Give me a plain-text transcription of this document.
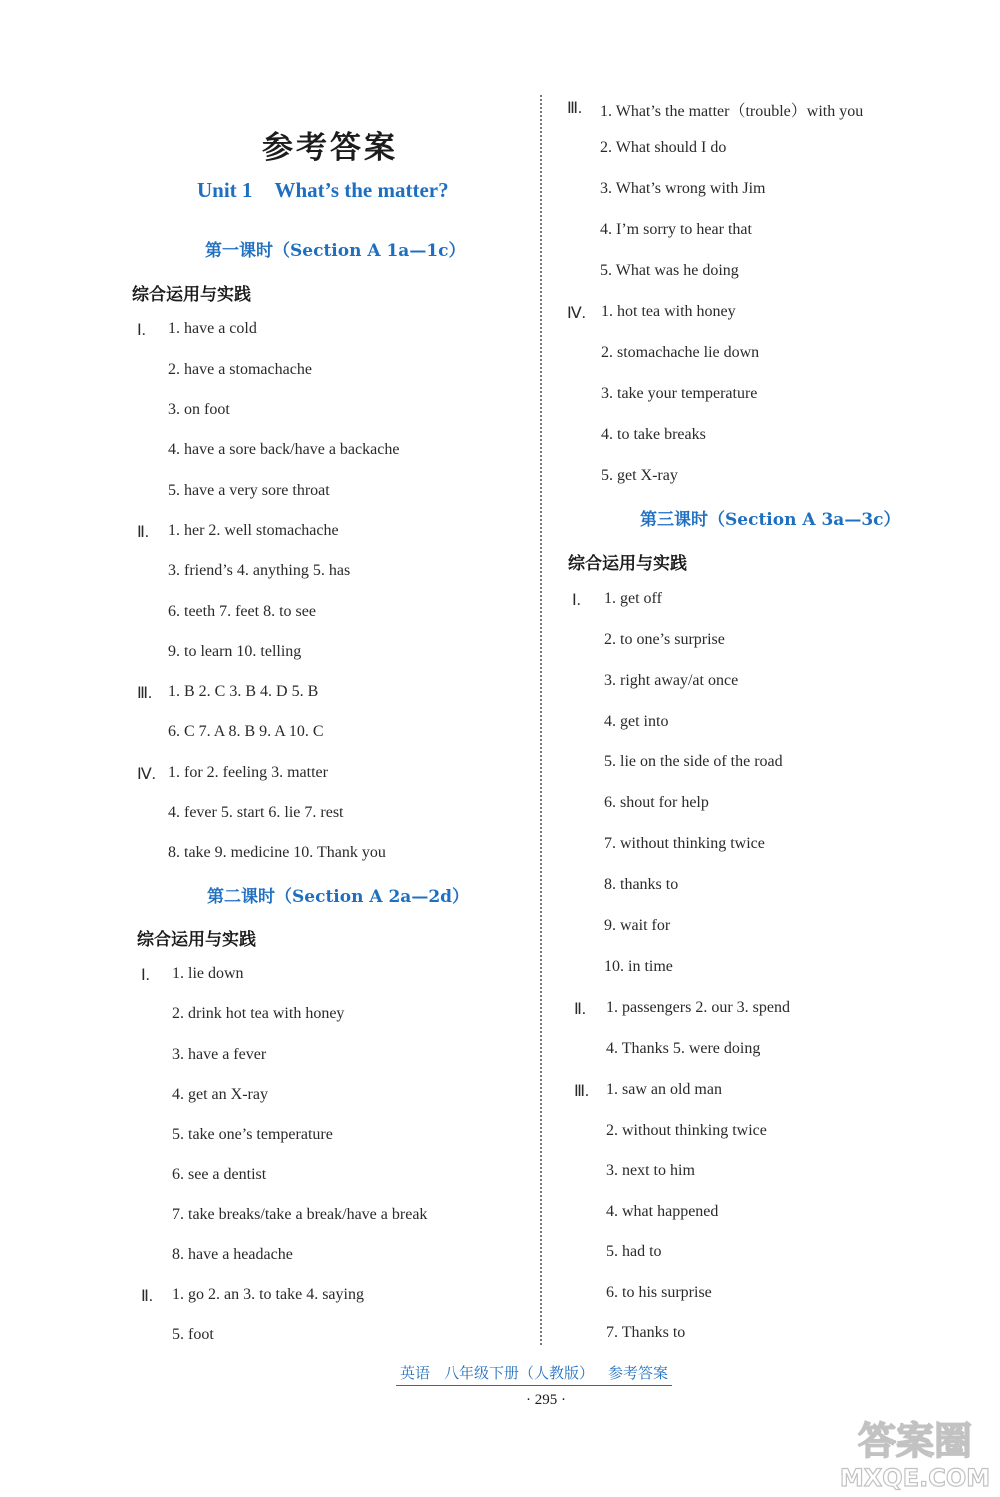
参考答案
Unit 1 What’s the matter?
第一课时（Section A 1a—1c）
综合运用与实践
Ⅰ. 1. have a cold
2. have a stomachache
3. on foot
4. have a sore back/have a backache
5. have a very sore throat
Ⅱ. 1. her 2. well stomachache
3. friend’s 4. anything 5. has
6. teeth 7. feet 8. to see
9. to learn 10. telling
Ⅲ. 1. B 2. C 3. B 4. D 5. B
6. C 7. A 8. B 9. A 10. C
Ⅳ. 1. for 2. feeling 3. matter
4. fever 5. start 6. lie 7. rest
8. take 9. medicine 10. Thank you
第二课时（Section A 2a—2d）
综合运用与实践
Ⅰ. 1. lie down
2. drink hot tea with honey
3. have a fever
4. get an X-ray
5. take one’s temperature
6. see a dentist
7. take breaks/take a break/have a break
8. have a headache
Ⅱ. 1. go 2. an 3. to take 4. saying
5. foot
Ⅲ. 1. What’s the matter（trouble）with you
2. What should I do
3. What’s wrong with Jim
4. I’m sorry to hear that
5. What was he doing
Ⅳ. 1. hot tea with honey
2. stomachache lie down
3. take your temperature
4. to take breaks
5. get X-ray
第三课时（Section A 3a—3c）
综合运用与实践
Ⅰ. 1. get off
2. to one’s surprise
3. right away/at once
4. get into
5. lie on the side of the road
6. shout for help
7. without thinking twice
8. thanks to
9. wait for
10. in time
Ⅱ. 1. passengers 2. our 3. spend
4. Thanks 5. were doing
Ⅲ. 1. saw an old man
2. without thinking twice
3. next to him
4. what happened
5. had to
6. to his surprise
7. Thanks to
英语 八年级下册（人教版） 参考答案
· 295 ·
答案圈
MXQE.COM
